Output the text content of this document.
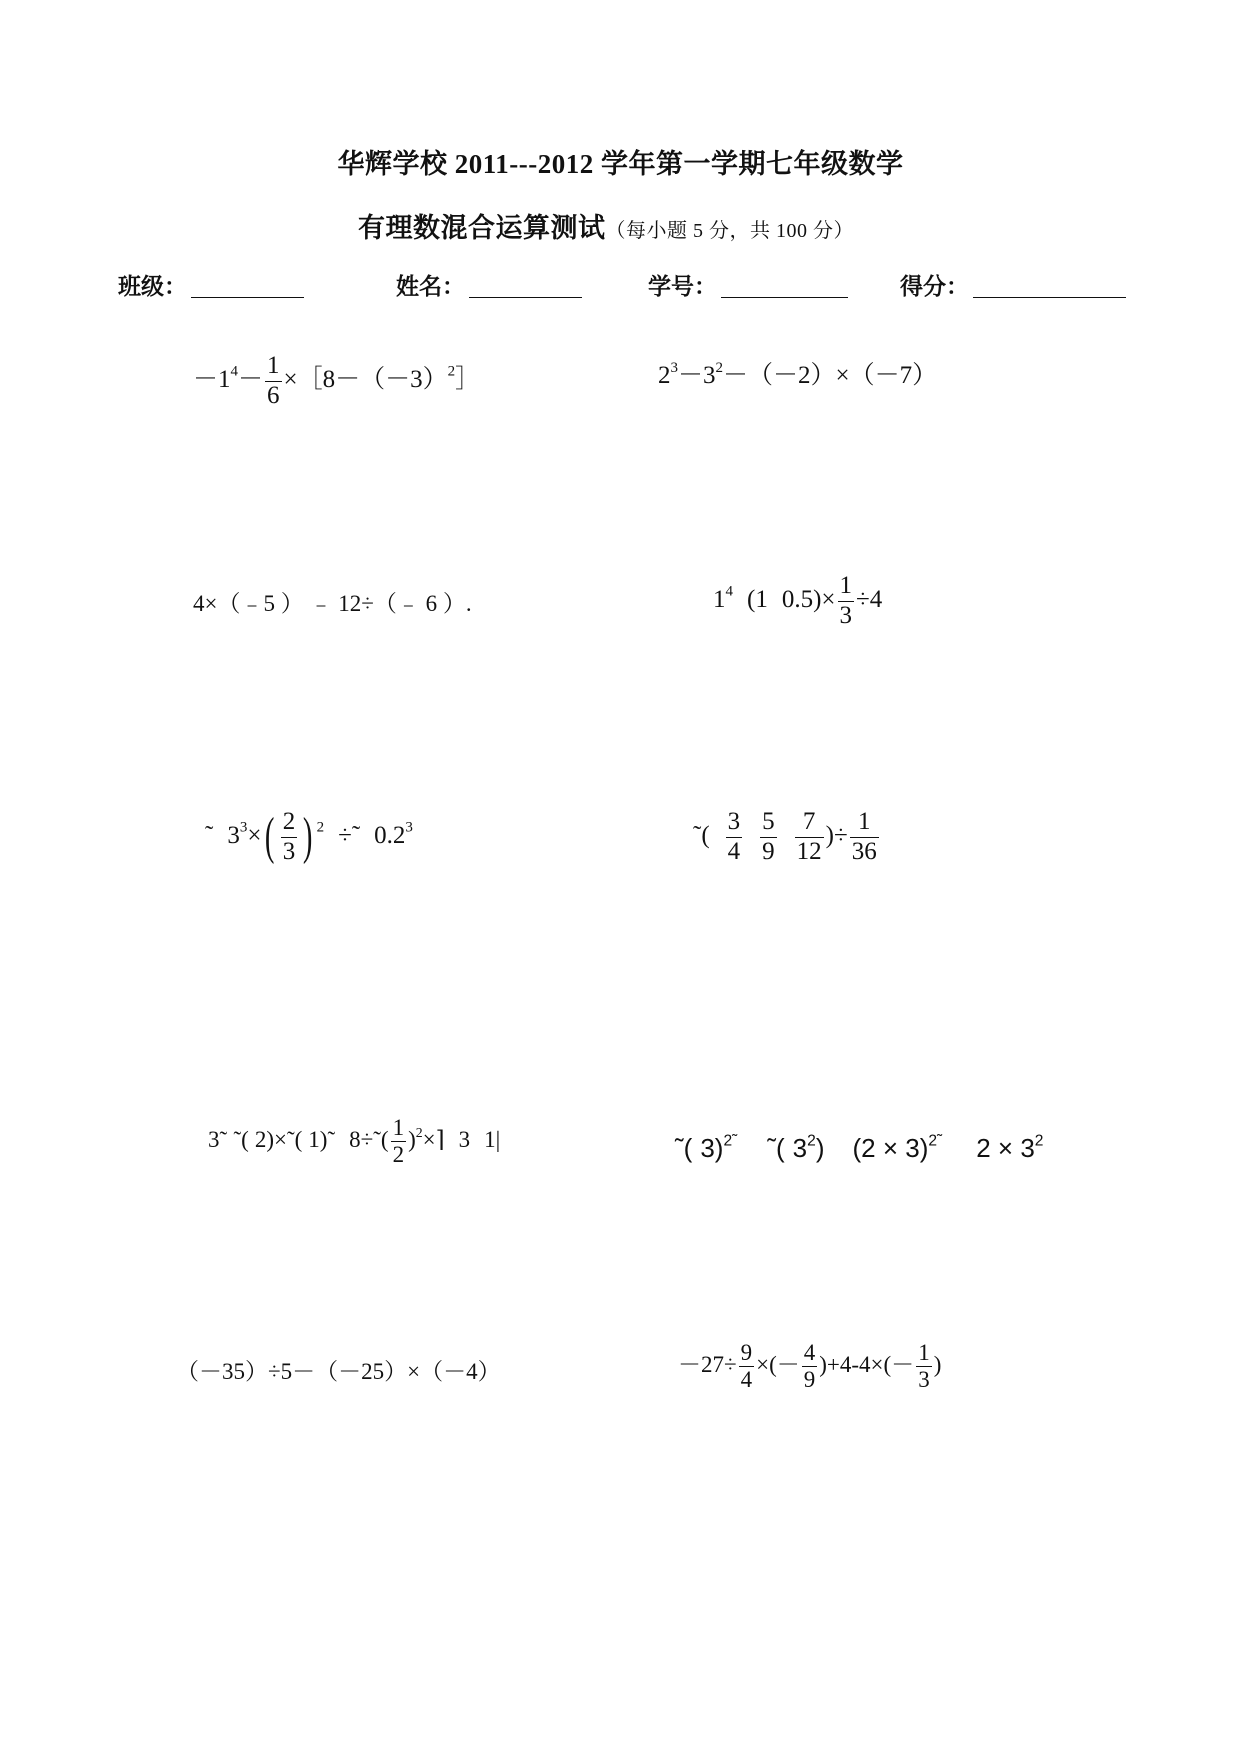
华辉学校 2011---2012 学年第一学期七年级数学
有理数混合运算测试（每小题 5 分，共 100 分）
班级：	姓名：	学号：	得分：
$-1^4- \frac{1}{6}$ $\times[8-(-3)^2]$	$2^3-3^2-(-2)\times(-7)$
4×（﹣5 ） ﹣ 12÷（﹣ 6 ）.	$1^4$ (1 $0.5)\times \frac{1}{3} \div 4$
˜ $3^3\times( \frac{2}{3}$ ) $^2$ ÷˜ $0.2^3$	˜( $\frac{3}{4} \frac{5}{9} \frac{7}{12}$ )÷ $\frac{1}{36}$
3̃ ˜( 2)×˜( 1)˜ 8÷˜( $\frac{1}{2}$ )$^2$×⌉ 3 1|	˜( 3)$^{2˜}$ ˜( $3^2$) $(2 \times 3)^{2˜}$ $2 \times 3^2$
（－35）÷5－（－25）×（－4）	$-27\div \frac{9}{4}$ ×(－ $\frac{4}{9} )+4-4\times(- \frac{1}{3}$ )
